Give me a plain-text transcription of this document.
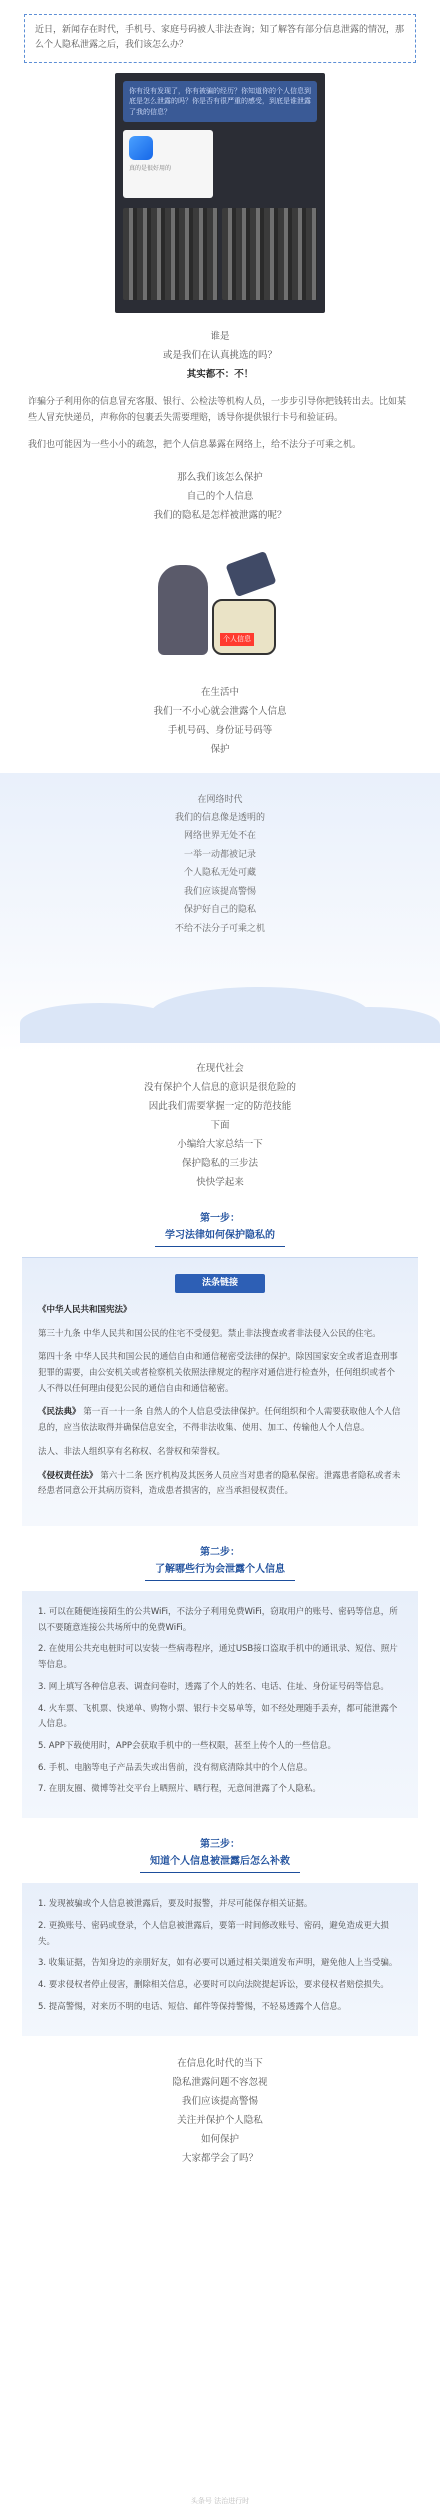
近日，新闻存在时代，手机号、家庭号码被人非法查询；知了解答有部分信息泄露的情况，那么个人隐私泄露之后，我们该怎么办？
你有没有发现了，你有被骗的经历？你知道你的个人信息到底是怎么泄露的吗？你是否有很严重的感受，到底是谁泄露了我的信息？
真的是很好用的
谁是
或是我们在认真挑选的吗？
其实都不：不！
诈骗分子利用你的信息冒充客服、银行、公检法等机构人员，一步步引导你把钱转出去。比如某些人冒充快递员，声称你的包裹丢失需要理赔，诱导你提供银行卡号和验证码。
我们也可能因为一些小小的疏忽，把个人信息暴露在网络上，给不法分子可乘之机。
那么我们该怎么保护
自己的个人信息
我们的隐私是怎样被泄露的呢？
个人信息
在生活中
我们一不小心就会泄露个人信息
手机号码、身份证号码等
保护
在网络时代
我们的信息像是透明的
网络世界无处不在
一举一动都被记录
个人隐私无处可藏
我们应该提高警惕
保护好自己的隐私
不给不法分子可乘之机
在现代社会
没有保护个人信息的意识是很危险的
因此我们需要掌握一定的防范技能
下面
小编给大家总结一下
保护隐私的三步法
快快学起来
第一步：
学习法律如何保护隐私的
法条链接
《中华人民共和国宪法》
第三十九条 中华人民共和国公民的住宅不受侵犯。禁止非法搜查或者非法侵入公民的住宅。
第四十条 中华人民共和国公民的通信自由和通信秘密受法律的保护。除因国家安全或者追查刑事犯罪的需要，由公安机关或者检察机关依照法律规定的程序对通信进行检查外，任何组织或者个人不得以任何理由侵犯公民的通信自由和通信秘密。
《民法典》 第一百一十一条 自然人的个人信息受法律保护。任何组织和个人需要获取他人个人信息的，应当依法取得并确保信息安全，不得非法收集、使用、加工、传输他人个人信息。
法人、非法人组织享有名称权、名誉权和荣誉权。
《侵权责任法》 第六十二条 医疗机构及其医务人员应当对患者的隐私保密。泄露患者隐私或者未经患者同意公开其病历资料，造成患者损害的，应当承担侵权责任。
第二步：
了解哪些行为会泄露个人信息
1. 可以在随便连接陌生的公共WiFi，不法分子利用免费WiFi，窃取用户的账号、密码等信息，所以不要随意连接公共场所中的免费WiFi。
2. 在使用公共充电桩时可以安装一些病毒程序，通过USB接口盗取手机中的通讯录、短信、照片等信息。
3. 网上填写各种信息表、调查问卷时，透露了个人的姓名、电话、住址、身份证号码等信息。
4. 火车票、飞机票、快递单、购物小票、银行卡交易单等，如不经处理随手丢弃，都可能泄露个人信息。
5. APP下载使用时，APP会获取手机中的一些权限，甚至上传个人的一些信息。
6. 手机、电脑等电子产品丢失或出售前，没有彻底清除其中的个人信息。
7. 在朋友圈、微博等社交平台上晒照片、晒行程，无意间泄露了个人隐私。
第三步：
知道个人信息被泄露后怎么补救
1. 发现被骗或个人信息被泄露后，要及时报警，并尽可能保存相关证据。
2. 更换账号、密码或登录，个人信息被泄露后，要第一时间修改账号、密码，避免造成更大损失。
3. 收集证据，告知身边的亲朋好友，如有必要可以通过相关渠道发布声明，避免他人上当受骗。
4. 要求侵权者停止侵害，删除相关信息，必要时可以向法院提起诉讼，要求侵权者赔偿损失。
5. 提高警惕，对来历不明的电话、短信、邮件等保持警惕，不轻易透露个人信息。
在信息化时代的当下
隐私泄露问题不容忽视
我们应该提高警惕
关注并保护个人隐私
如何保护
大家都学会了吗？
头条号 法治进行时
